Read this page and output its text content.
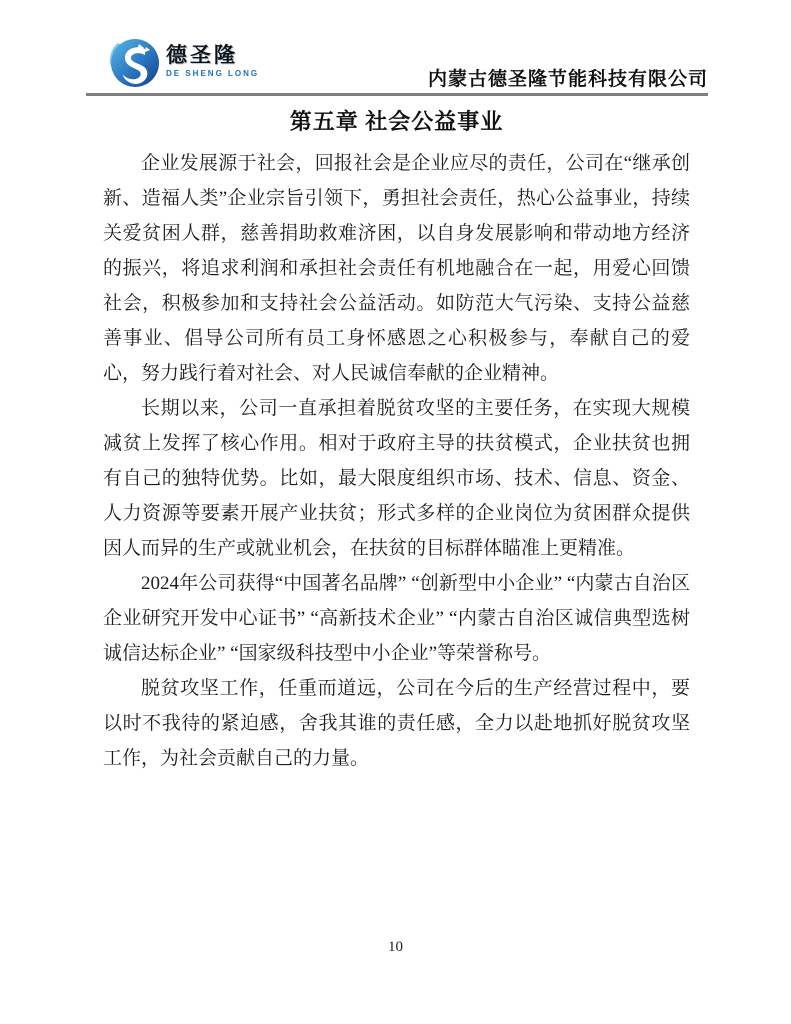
德圣隆
DE SHENG LONG	内蒙古德圣隆节能科技有限公司
第五章 社会公益事业

企业发展源于社会，回报社会是企业应尽的责任，公司在“继承创新、造福人类”企业宗旨引领下，勇担社会责任，热心公益事业，持续关爱贫困人群，慈善捐助救难济困，以自身发展影响和带动地方经济的振兴，将追求利润和承担社会责任有机地融合在一起，用爱心回馈社会，积极参加和支持社会公益活动。如防范大气污染、支持公益慈善事业、倡导公司所有员工身怀感恩之心积极参与，奉献自己的爱心，努力践行着对社会、对人民诚信奉献的企业精神。

长期以来，公司一直承担着脱贫攻坚的主要任务，在实现大规模减贫上发挥了核心作用。相对于政府主导的扶贫模式，企业扶贫也拥有自己的独特优势。比如，最大限度组织市场、技术、信息、资金、人力资源等要素开展产业扶贫；形式多样的企业岗位为贫困群众提供因人而异的生产或就业机会，在扶贫的目标群体瞄准上更精准。

2024年公司获得“中国著名品牌” “创新型中小企业” “内蒙古自治区企业研究开发中心证书” “高新技术企业” “内蒙古自治区诚信典型选树诚信达标企业” “国家级科技型中小企业”等荣誉称号。

脱贫攻坚工作，任重而道远，公司在今后的生产经营过程中，要以时不我待的紧迫感，舍我其谁的责任感，全力以赴地抓好脱贫攻坚工作，为社会贡献自己的力量。

10
